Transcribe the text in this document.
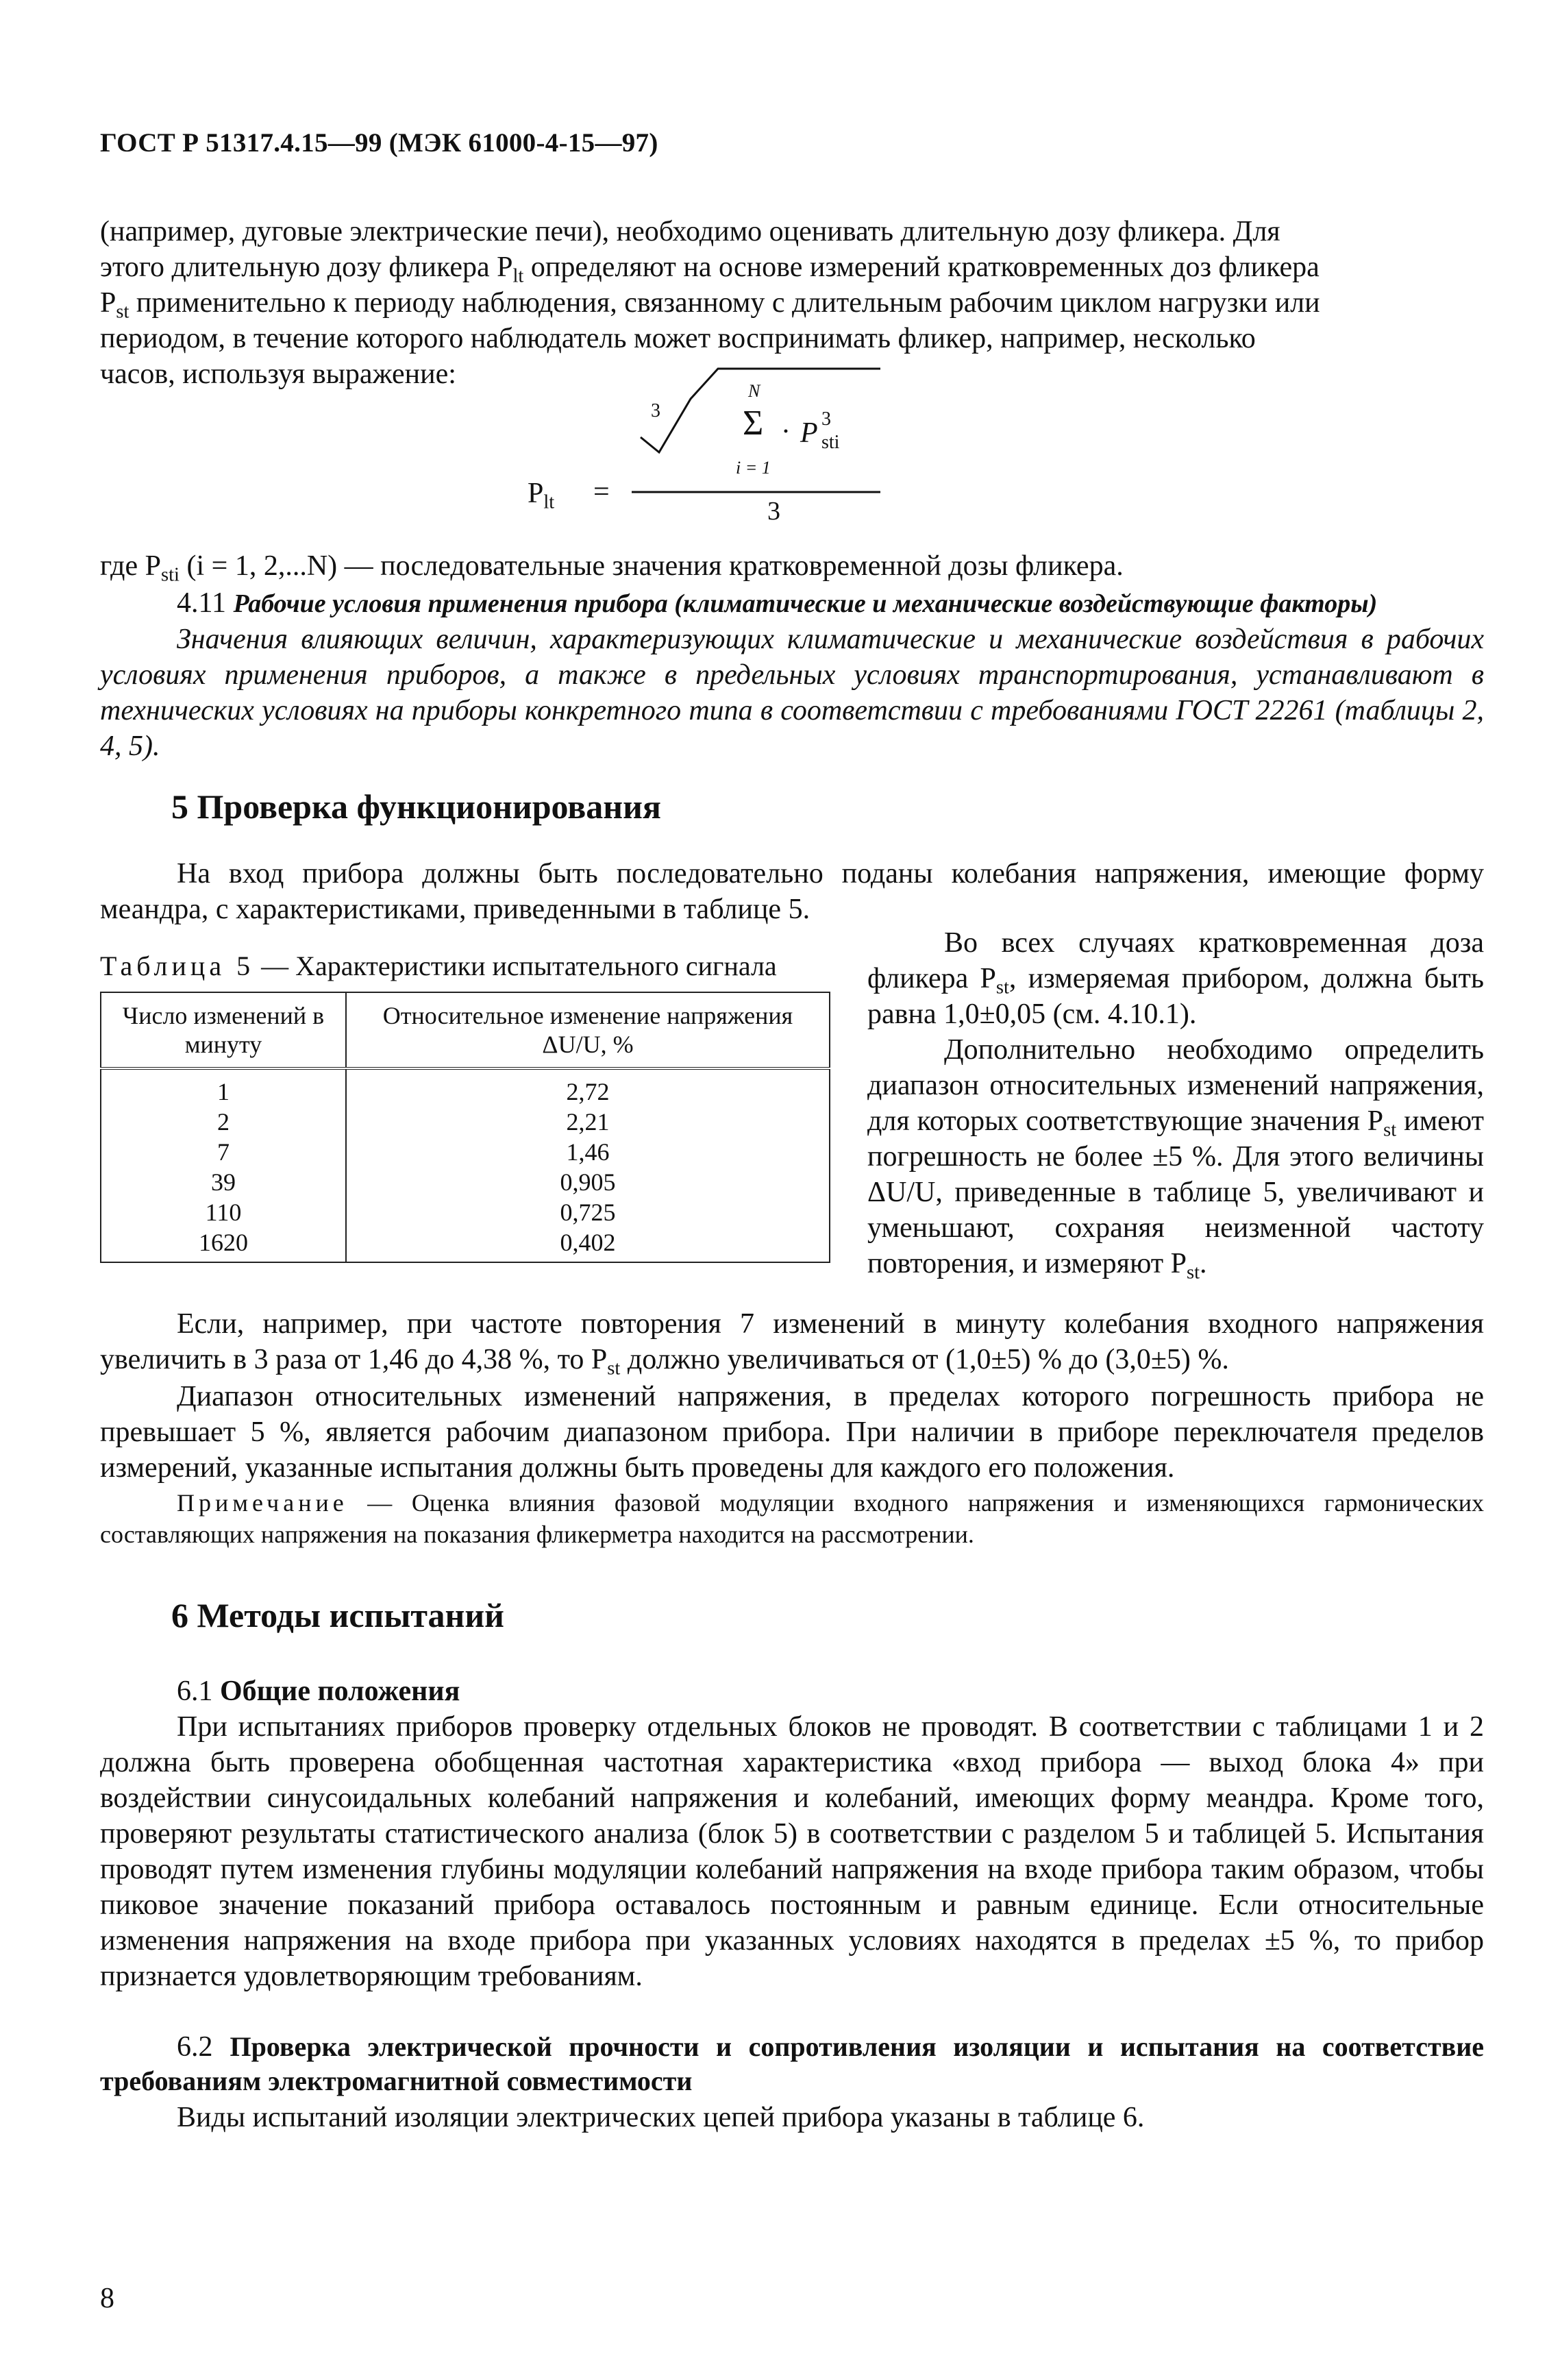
ГОСТ Р 51317.4.15—99 (МЭК 61000-4-15—97)
(например, дуговые электрические печи), необходимо оценивать длительную дозу фликера. Для
этого длительную дозу фликера $P_{lt}$ определяют на основе измерений кратковременных доз фликера
$P_{st}$ применительно к периоду наблюдения, связанному с длительным рабочим циклом нагрузки или
периодом, в течение которого наблюдатель может воспринимать фликер, например, несколько
часов, используя выражение:
$P_{lt}$ =
3
N
Σ
i = 1
· P 3
sti
3
где $P_{sti}$ (i = 1, 2,...N) — последовательные значения кратковременной дозы фликера.
4.11 Рабочие условия применения прибора (климатические и механические воздействующие факторы)
Значения влияющих величин, характеризующих климатические и механические воздействия в рабочих условиях применения приборов, а также в предельных условиях транспортирования, устанавливают в технических условиях на приборы конкретного типа в соответствии с требованиями ГОСТ 22261 (таблицы 2, 4, 5).
5 Проверка функционирования
На вход прибора должны быть последовательно поданы колебания напряжения, имеющие форму меандра, с характеристиками, приведенными в таблице 5.
Таблица 5 — Характеристики испытательного сигнала
Число изменений в минуту	Относительное изменение напряжения ΔU/U, %
1	2,72
2	2,21
7	1,46
39	0,905
110	0,725
1620	0,402
Во всех случаях кратковременная доза фликера $P_{st}$, измеряемая прибором, должна быть равна 1,0±0,05 (см. 4.10.1).
Дополнительно необходимо определить диапазон относительных изменений напряжения, для которых соответствующие значения $P_{st}$ имеют погрешность не более ±5 %. Для этого величины ΔU/U, приведенные в таблице 5, увеличивают и уменьшают, сохраняя неизменной частоту повторения, и измеряют $P_{st}$.
Если, например, при частоте повторения 7 изменений в минуту колебания входного напряжения увеличить в 3 раза от 1,46 до 4,38 %, то $P_{st}$ должно увеличиваться от (1,0±5) % до (3,0±5) %.
Диапазон относительных изменений напряжения, в пределах которого погрешность прибора не превышает 5 %, является рабочим диапазоном прибора. При наличии в приборе переключателя пределов измерений, указанные испытания должны быть проведены для каждого его положения.
Примечание — Оценка влияния фазовой модуляции входного напряжения и изменяющихся гармонических составляющих напряжения на показания фликерметра находится на рассмотрении.
6 Методы испытаний
6.1 Общие положения
При испытаниях приборов проверку отдельных блоков не проводят. В соответствии с таблицами 1 и 2 должна быть проверена обобщенная частотная характеристика «вход прибора — выход блока 4» при воздействии синусоидальных колебаний напряжения и колебаний, имеющих форму меандра. Кроме того, проверяют результаты статистического анализа (блок 5) в соответствии с разделом 5 и таблицей 5. Испытания проводят путем изменения глубины модуляции колебаний напряжения на входе прибора таким образом, чтобы пиковое значение показаний прибора оставалось постоянным и равным единице. Если относительные изменения напряжения на входе прибора при указанных условиях находятся в пределах ±5 %, то прибор признается удовлетворяющим требованиям.
6.2 Проверка электрической прочности и сопротивления изоляции и испытания на соответствие требованиям электромагнитной совместимости
Виды испытаний изоляции электрических цепей прибора указаны в таблице 6.
8
